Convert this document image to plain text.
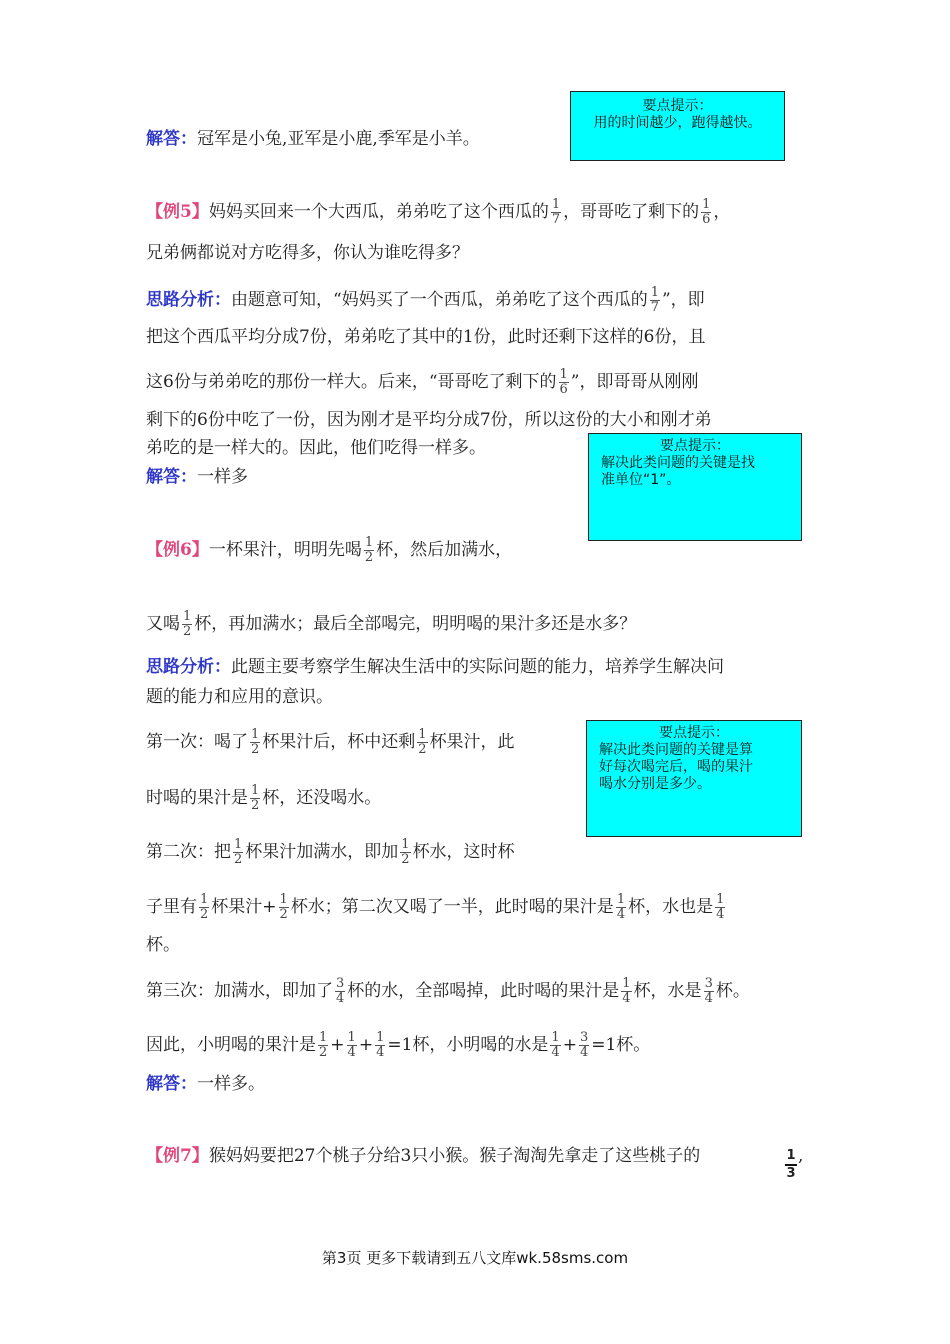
要点提示：
用的时间越少，跑得越快。
要点提示：
解决此类问题的关键是找
准单位“1”。
要点提示：
解决此类问题的关键是算
好每次喝完后，喝的果汁
喝水分别是多少。
解答：冠军是小兔,亚军是小鹿,季军是小羊。
【例5】妈妈买回来一个大西瓜，弟弟吃了这个西瓜的 $\frac{1}{7}$ ，哥哥吃了剩下的 $\frac{1}{6}$ ，
兄弟俩都说对方吃得多，你认为谁吃得多？
思路分析：由题意可知，“妈妈买了一个西瓜，弟弟吃了这个西瓜的 $\frac{1}{7}$ ”，即
把这个西瓜平均分成7份，弟弟吃了其中的1份，此时还剩下这样的6份，且
这6份与弟弟吃的那份一样大。后来，“哥哥吃了剩下的 $\frac{1}{6}$ ”，即哥哥从刚刚
剩下的6份中吃了一份，因为刚才是平均分成7份，所以这份的大小和刚才弟
弟吃的是一样大的。因此，他们吃得一样多。
解答：一样多
【例6】一杯果汁，明明先喝 $\frac{1}{2}$ 杯，然后加满水，
又喝 $\frac{1}{2}$ 杯，再加满水；最后全部喝完，明明喝的果汁多还是水多？
思路分析：此题主要考察学生解决生活中的实际问题的能力，培养学生解决问
题的能力和应用的意识。
第一次：喝了 $\frac{1}{2}$ 杯果汁后，杯中还剩 $\frac{1}{2}$ 杯果汁，此
时喝的果汁是 $\frac{1}{2}$ 杯，还没喝水。
第二次：把 $\frac{1}{2}$ 杯果汁加满水，即加 $\frac{1}{2}$ 杯水，这时杯
子里有 $\frac{1}{2}$ 杯果汁+ $\frac{1}{2}$ 杯水；第二次又喝了一半，此时喝的果汁是 $\frac{1}{4}$ 杯，水也是 $\frac{1}{4}$
杯。
第三次：加满水，即加了 $\frac{3}{4}$ 杯的水，全部喝掉，此时喝的果汁是 $\frac{1}{4}$ 杯，水是 $\frac{3}{4}$ 杯。
因此，小明喝的果汁是 $\frac{1}{2} + \frac{1}{4} + \frac{1}{4} =1$杯，小明喝的水是 $\frac{1}{4} + \frac{3}{4} =1$杯。
解答：一样多。
【例7】猴妈妈要把27个桃子分给3只小猴。猴子淘淘先拿走了这些桃子的	1
3
,
第3页 更多下载请到五八文库wk.58sms.com
